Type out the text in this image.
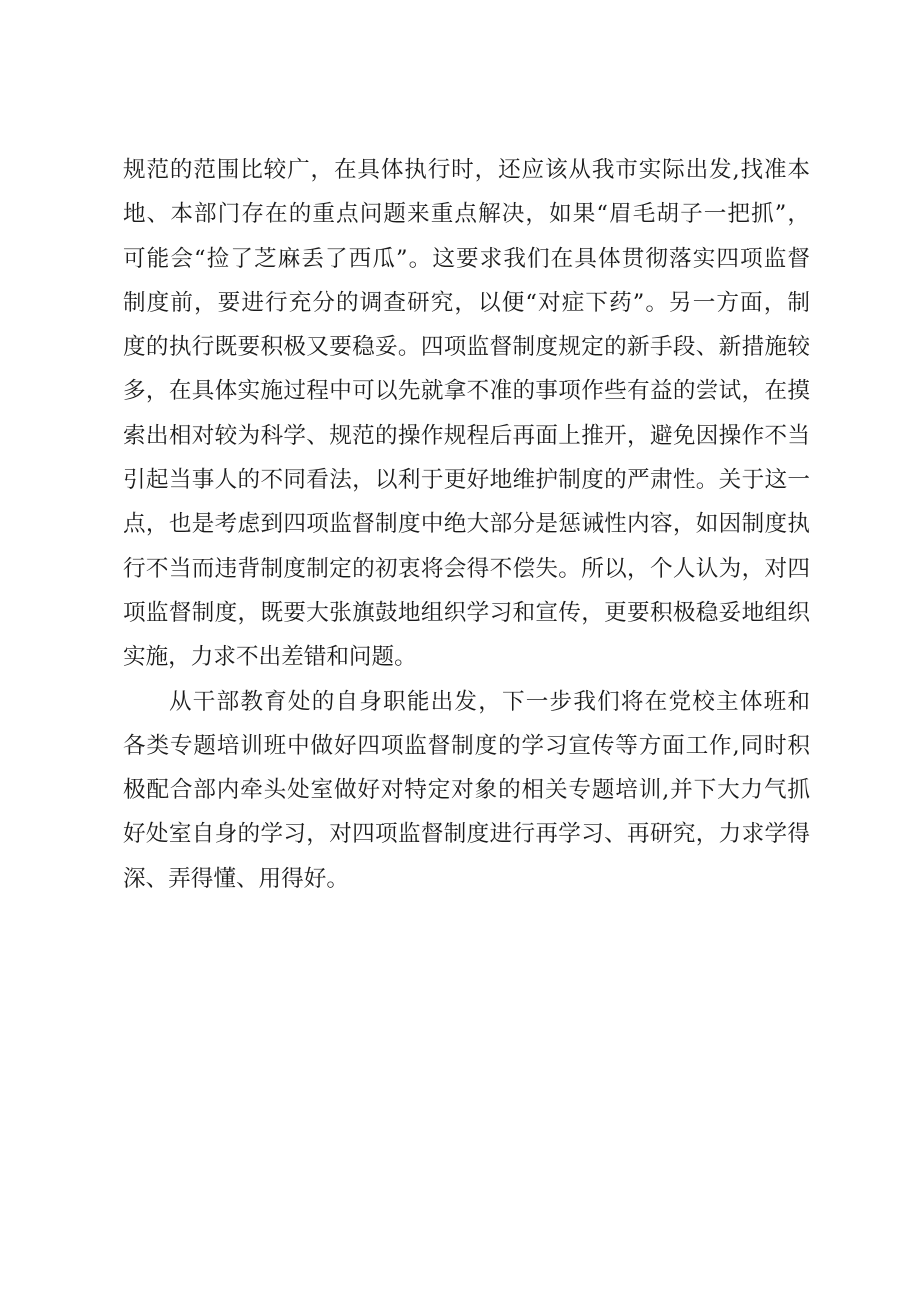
规范的范围比较广，在具体执行时，还应该从我市实际出发,找准本
地、本部门存在的重点问题来重点解决，如果“眉毛胡子一把抓”，
可能会“捡了芝麻丢了西瓜”。这要求我们在具体贯彻落实四项监督
制度前，要进行充分的调查研究，以便“对症下药”。另一方面，制
度的执行既要积极又要稳妥。四项监督制度规定的新手段、新措施较
多，在具体实施过程中可以先就拿不准的事项作些有益的尝试，在摸
索出相对较为科学、规范的操作规程后再面上推开，避免因操作不当
引起当事人的不同看法，以利于更好地维护制度的严肃性。关于这一
点，也是考虑到四项监督制度中绝大部分是惩诫性内容，如因制度执
行不当而违背制度制定的初衷将会得不偿失。所以，个人认为，对四
项监督制度，既要大张旗鼓地组织学习和宣传，更要积极稳妥地组织
实施，力求不出差错和问题。
从干部教育处的自身职能出发，下一步我们将在党校主体班和
各类专题培训班中做好四项监督制度的学习宣传等方面工作,同时积
极配合部内牵头处室做好对特定对象的相关专题培训,并下大力气抓
好处室自身的学习，对四项监督制度进行再学习、再研究，力求学得
深、弄得懂、用得好。
